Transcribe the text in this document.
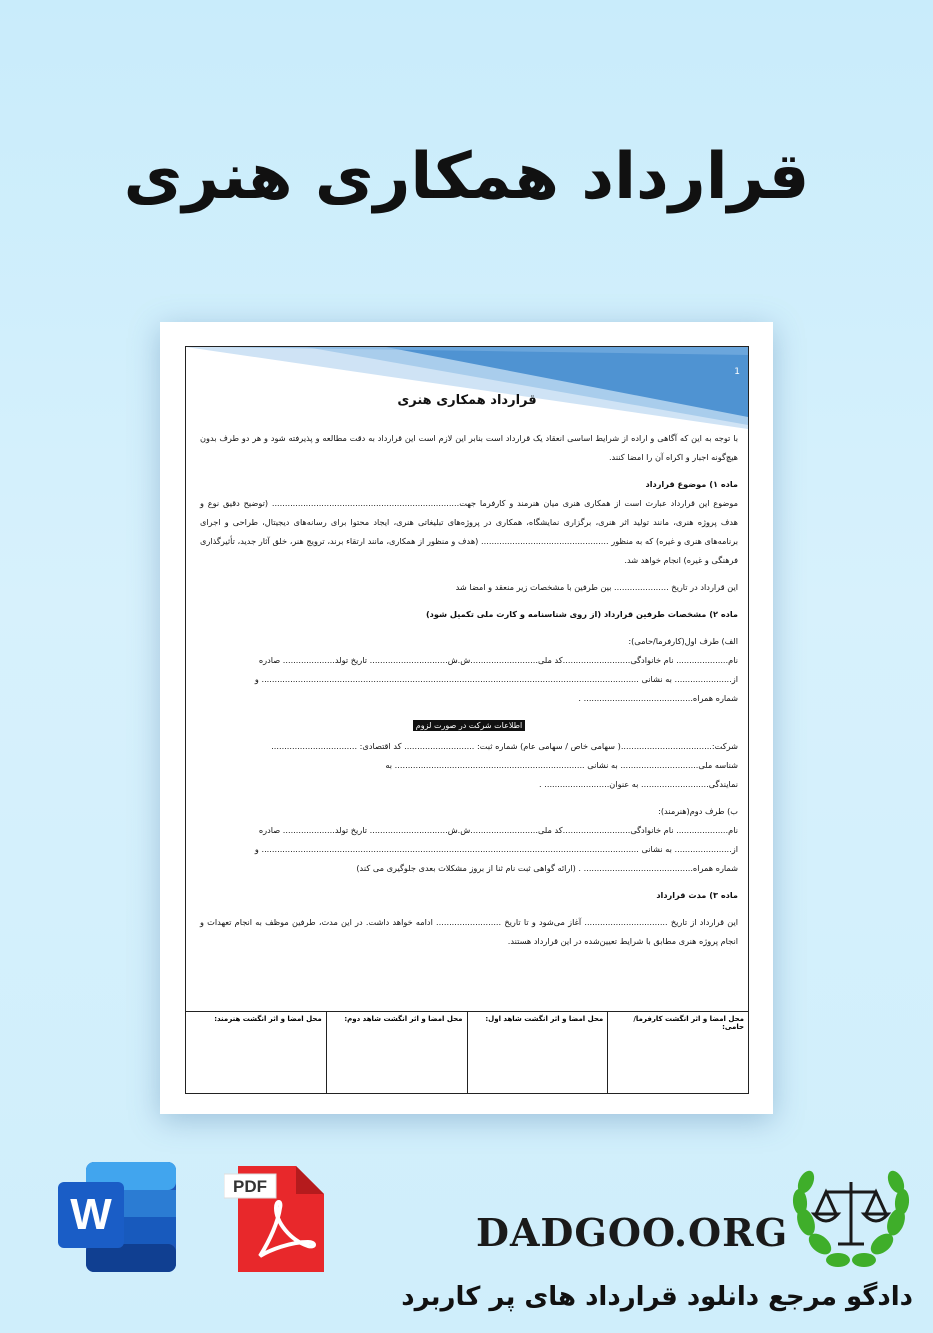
قرارداد همکاری هنری
1
قرارداد همکاری هنری

با توجه به این که آگاهی و اراده از شرایط اساسی انعقاد یک قرارداد است بنابر این لازم است این قرارداد به دقت مطالعه و پذیرفته شود و هر دو طرف بدون هیچ‌گونه اجبار و اکراه آن را امضا کنند.

ماده ۱) موضوع قرارداد

موضوع این قرارداد عبارت است از همکاری هنری میان هنرمند و کارفرما جهت........................................................................ (توضیح دقیق نوع و هدف پروژه هنری، مانند تولید اثر هنری، برگزاری نمایشگاه، همکاری در پروژه‌های تبلیغاتی هنری، ایجاد محتوا برای رسانه‌های دیجیتال، طراحی و اجرای برنامه‌های هنری و غیره) که به منظور ................................................. (هدف و منظور از همکاری، مانند ارتقاء برند، ترویج هنر، خلق آثار جدید، تأثیرگذاری فرهنگی و غیره) انجام خواهد شد.

این قرارداد در تاریخ ..................... بین طرفین با مشخصات زیر منعقد و امضا شد

ماده ۲) مشخصات طرفین قرارداد (از روی شناسنامه و کارت ملی تکمیل شود)

الف) طرف اول(کارفرما/حامی):

نام.................... نام خانوادگی..........................کد ملی..........................ش.ش.............................. تاریخ تولد.................... صادره

از...................... به نشانی ................................................................................................................................................. و

شماره همراه.......................................... .

اطلاعات شرکت در صورت لزوم

شرکت:...................................( سهامی خاص / سهامی عام) شماره ثبت: ........................... کد اقتصادی: .................................

شناسه ملی.............................. به نشانی ......................................................................... به

نمایندگی.......................... به عنوان......................... .

ب) طرف دوم(هنرمند):

نام.................... نام خانوادگی..........................کد ملی..........................ش.ش.............................. تاریخ تولد.................... صادره

از...................... به نشانی ................................................................................................................................................. و

شماره همراه.......................................... . (ارائه گواهی ثبت نام ثنا از بروز مشکلات بعدی جلوگیری می کند)

ماده ۳) مدت قرارداد

این قرارداد از تاریخ ................................ آغاز می‌شود و تا تاریخ ......................... ادامه خواهد داشت. در این مدت، طرفین موظف به انجام تعهدات و انجام پروژه هنری مطابق با شرایط تعیین‌شده در این قرارداد هستند.

محل امضا و اثر انگشت کارفرما/حامی:
محل امضا و اثر انگشت شاهد اول:
محل امضا و اثر انگشت شاهد دوم:
محل امضا و اثر انگشت هنرمند:
W
PDF
DADGOO.ORG
دادگو مرجع دانلود قرارداد های پر کاربرد
